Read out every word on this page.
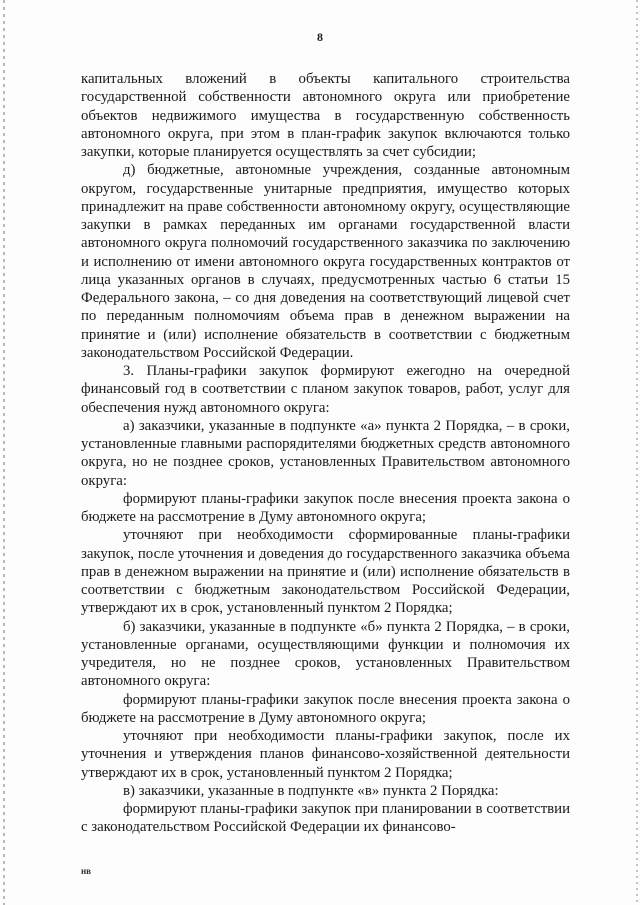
8

капитальных вложений в объекты капитального строительства государственной собственности автономного округа или приобретение объектов недвижимого имущества в государственную собственность автономного округа, при этом в план-график закупок включаются только закупки, которые планируется осуществлять за счет субсидии;

д) бюджетные, автономные учреждения, созданные автономным округом, государственные унитарные предприятия, имущество которых принадлежит на праве собственности автономному округу, осуществляющие закупки в рамках переданных им органами государственной власти автономного округа полномочий государственного заказчика по заключению и исполнению от имени автономного округа государственных контрактов от лица указанных органов в случаях, предусмотренных частью 6 статьи 15 Федерального закона, – со дня доведения на соответствующий лицевой счет по переданным полномочиям объема прав в денежном выражении на принятие и (или) исполнение обязательств в соответствии с бюджетным законодательством Российской Федерации.

3. Планы-графики закупок формируют ежегодно на очередной финансовый год в соответствии с планом закупок товаров, работ, услуг для обеспечения нужд автономного округа:

а) заказчики, указанные в подпункте «а» пункта 2 Порядка, – в сроки, установленные главными распорядителями бюджетных средств автономного округа, но не позднее сроков, установленных Правительством автономного округа:

формируют планы-графики закупок после внесения проекта закона о бюджете на рассмотрение в Думу автономного округа;

уточняют при необходимости сформированные планы-графики закупок, после уточнения и доведения до государственного заказчика объема прав в денежном выражении на принятие и (или) исполнение обязательств в соответствии с бюджетным законодательством Российской Федерации, утверждают их в срок, установленный пунктом 2 Порядка;

б) заказчики, указанные в подпункте «б» пункта 2 Порядка, – в сроки, установленные органами, осуществляющими функции и полномочия их учредителя, но не позднее сроков, установленных Правительством автономного округа:

формируют планы-графики закупок после внесения проекта закона о бюджете на рассмотрение в Думу автономного округа;

уточняют при необходимости планы-графики закупок, после их уточнения и утверждения планов финансово-хозяйственной деятельности утверждают их в срок, установленный пунктом 2 Порядка;

в) заказчики, указанные в подпункте «в» пункта 2 Порядка:

формируют планы-графики закупок при планировании в соответствии с законодательством Российской Федерации их финансово-

нв
